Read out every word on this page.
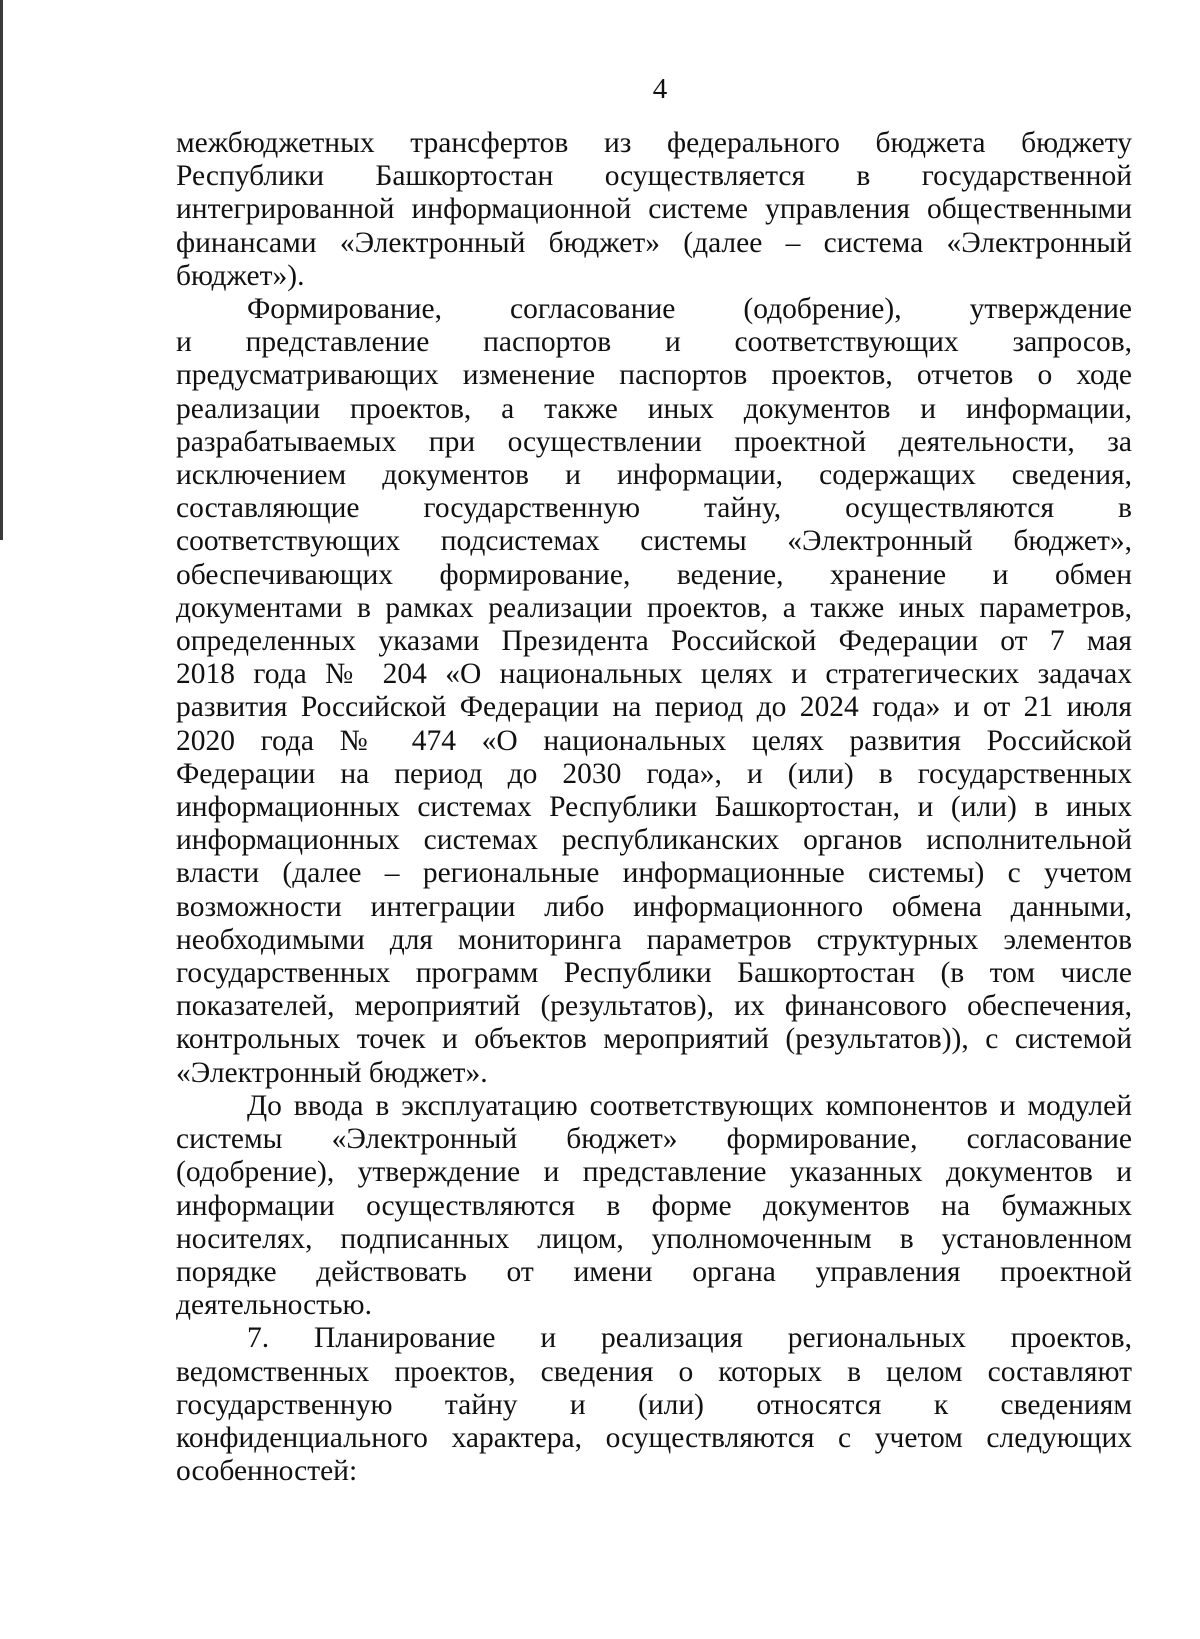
4
межбюджетных трансфертов из федерального бюджета бюджету
Республики Башкортостан осуществляется в государственной
интегрированной информационной системе управления общественными
финансами «Электронный бюджет» (далее – система «Электронный
бюджет»).
Формирование, согласование (одобрение), утверждение
и представление паспортов и соответствующих запросов,
предусматривающих изменение паспортов проектов, отчетов о ходе
реализации проектов, а также иных документов и информации,
разрабатываемых при осуществлении проектной деятельности, за
исключением документов и информации, содержащих сведения,
составляющие государственную тайну, осуществляются в
соответствующих подсистемах системы «Электронный бюджет»,
обеспечивающих формирование, ведение, хранение и обмен
документами в рамках реализации проектов, а также иных параметров,
определенных указами Президента Российской Федерации от 7 мая
2018 года № 204 «О национальных целях и стратегических задачах
развития Российской Федерации на период до 2024 года» и от 21 июля
2020 года № 474 «О национальных целях развития Российской
Федерации на период до 2030 года», и (или) в государственных
информационных системах Республики Башкортостан, и (или) в иных
информационных системах республиканских органов исполнительной
власти (далее – региональные информационные системы) с учетом
возможности интеграции либо информационного обмена данными,
необходимыми для мониторинга параметров структурных элементов
государственных программ Республики Башкортостан (в том числе
показателей, мероприятий (результатов), их финансового обеспечения,
контрольных точек и объектов мероприятий (результатов)), с системой
«Электронный бюджет».
До ввода в эксплуатацию соответствующих компонентов и модулей
системы «Электронный бюджет» формирование, согласование
(одобрение), утверждение и представление указанных документов и
информации осуществляются в форме документов на бумажных
носителях, подписанных лицом, уполномоченным в установленном
порядке действовать от имени органа управления проектной
деятельностью.
7. Планирование и реализация региональных проектов,
ведомственных проектов, сведения о которых в целом составляют
государственную тайну и (или) относятся к сведениям
конфиденциального характера, осуществляются с учетом следующих
особенностей:
